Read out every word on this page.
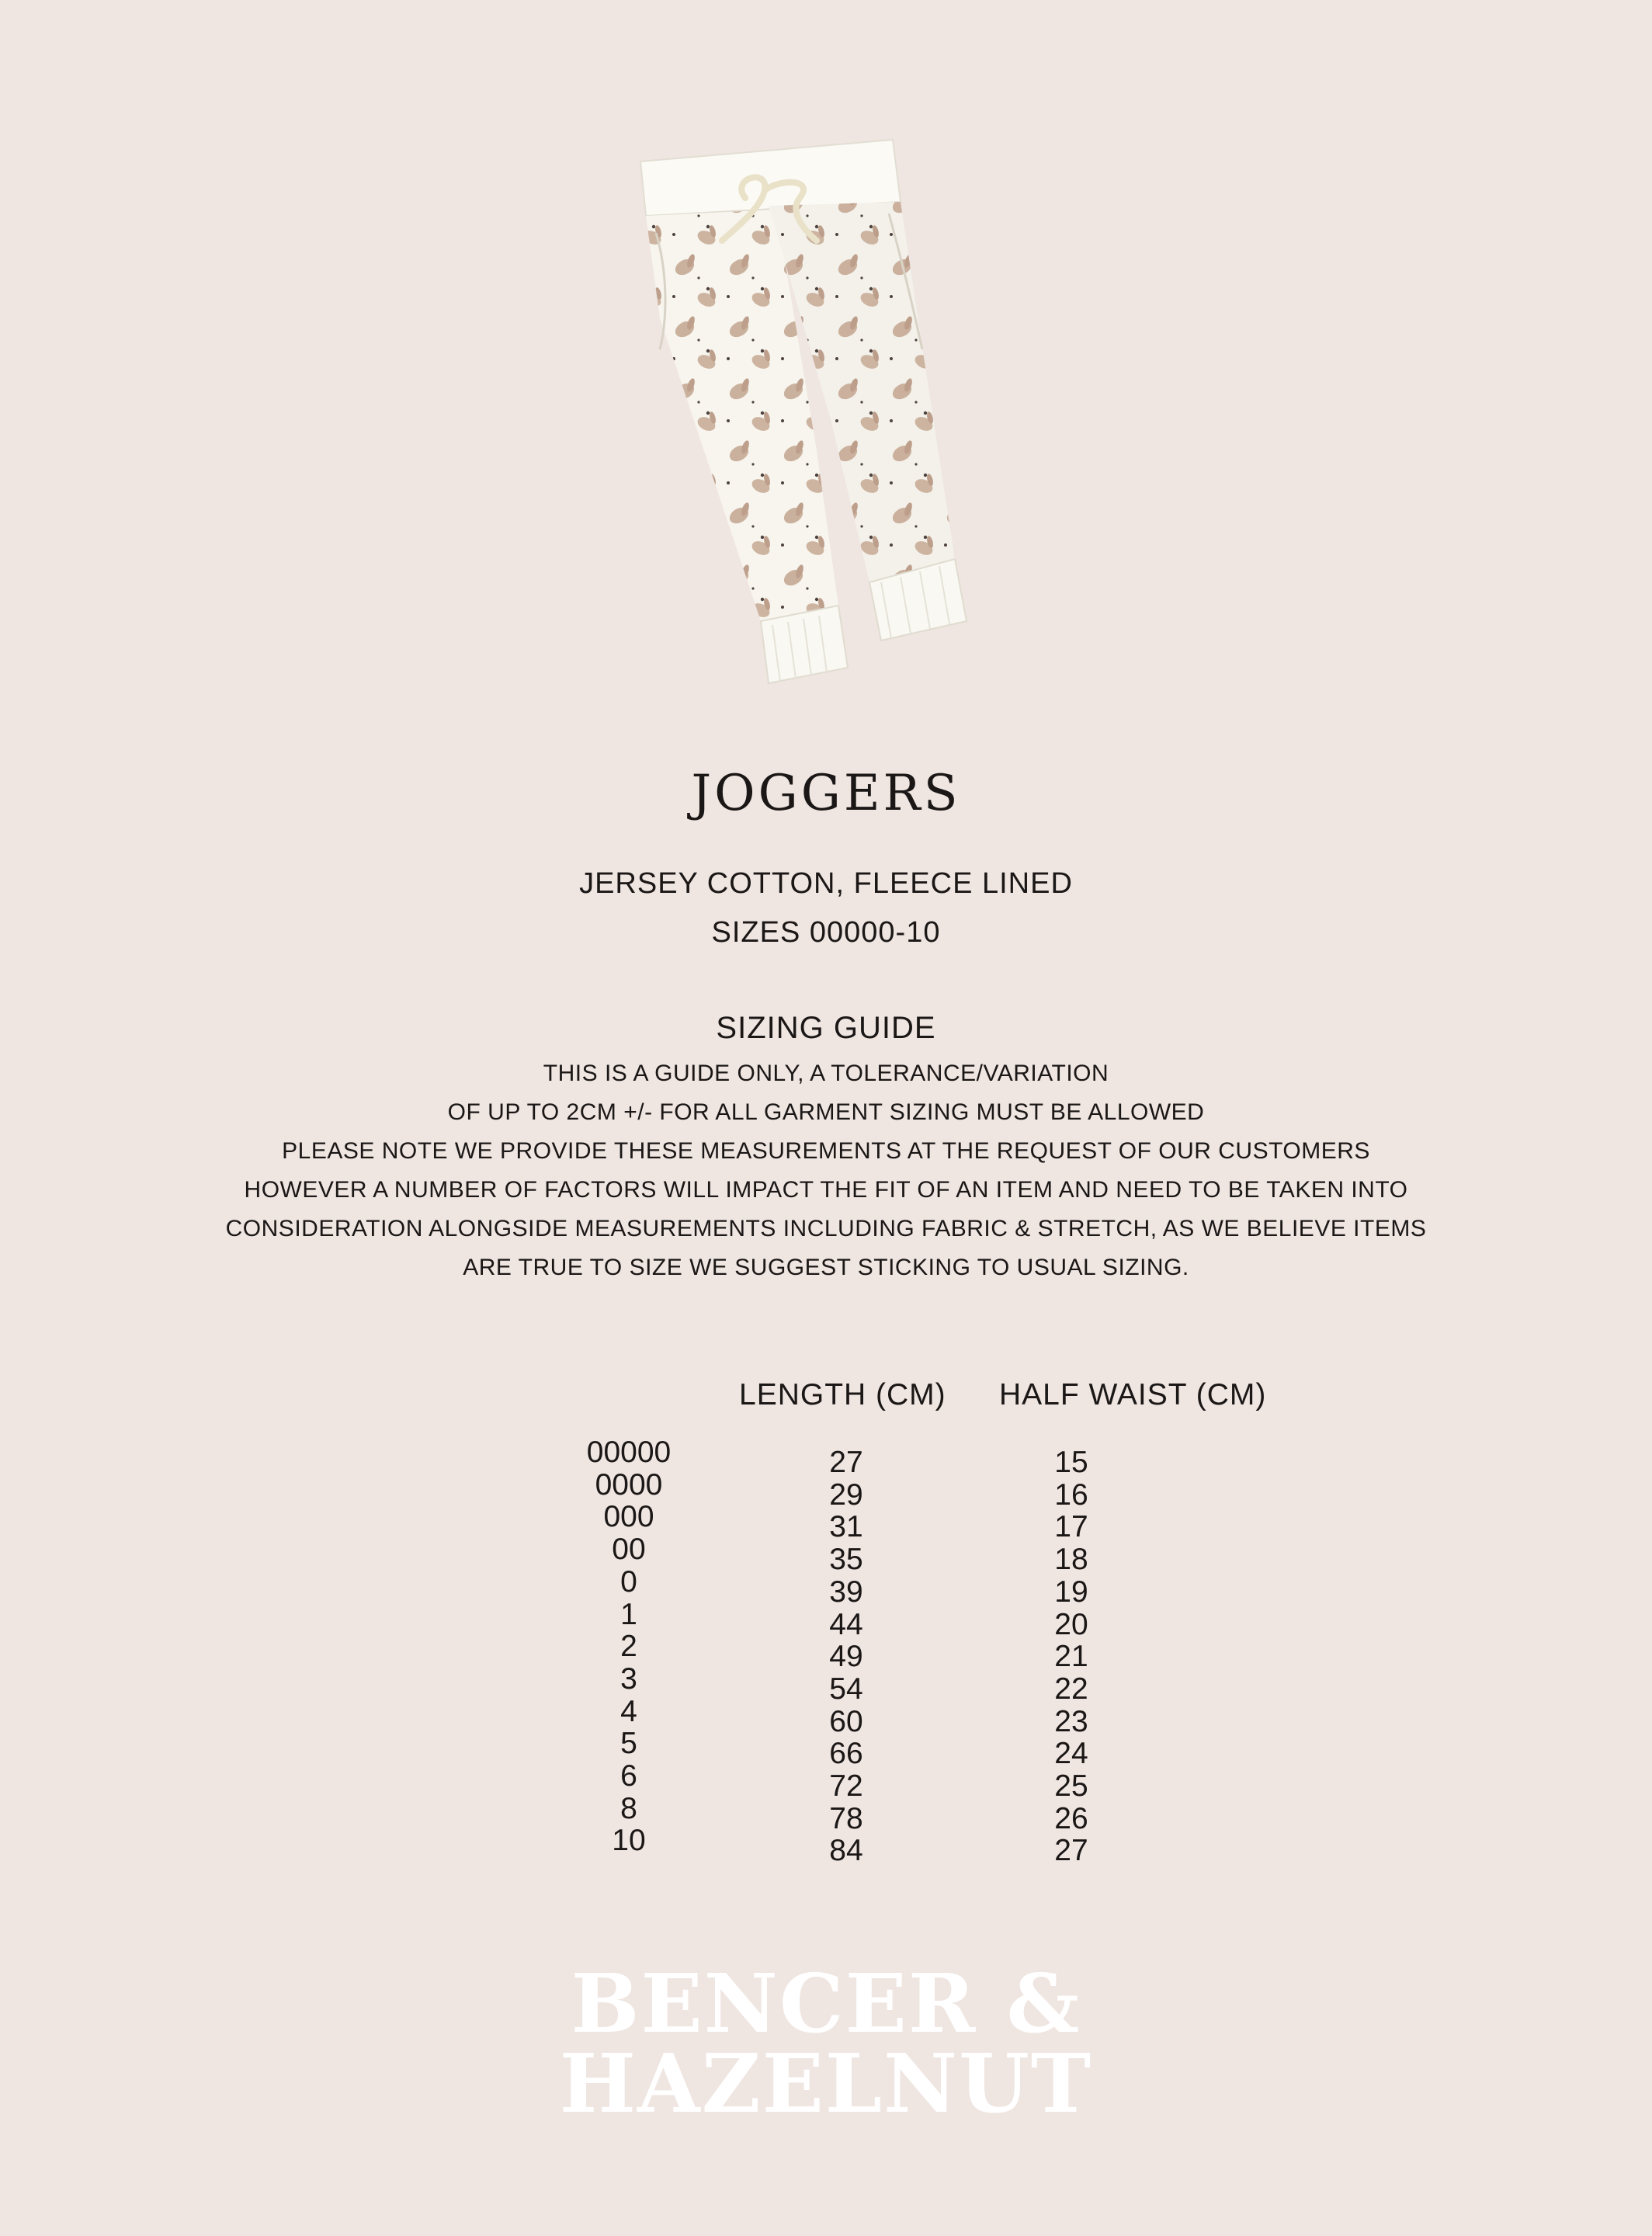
JOGGERS
JERSEY COTTON, FLEECE LINED
SIZES 00000-10
SIZING GUIDE
THIS IS A GUIDE ONLY, A TOLERANCE/VARIATION
OF UP TO 2CM +/- FOR ALL GARMENT SIZING MUST BE ALLOWED
PLEASE NOTE WE PROVIDE THESE MEASUREMENTS AT THE REQUEST OF OUR CUSTOMERS
HOWEVER A NUMBER OF FACTORS WILL IMPACT THE FIT OF AN ITEM AND NEED TO BE TAKEN INTO
CONSIDERATION ALONGSIDE MEASUREMENTS INCLUDING FABRIC & STRETCH, AS WE BELIEVE ITEMS
ARE TRUE TO SIZE WE SUGGEST STICKING TO USUAL SIZING.
LENGTH (CM) HALF WAIST (CM)
00000
0000
000
00
0
1
2
3
4
5
6
8
10
27
29
31
35
39
44
49
54
60
66
72
78
84
15
16
17
18
19
20
21
22
23
24
25
26
27
BENCER &
HAZELNUT
